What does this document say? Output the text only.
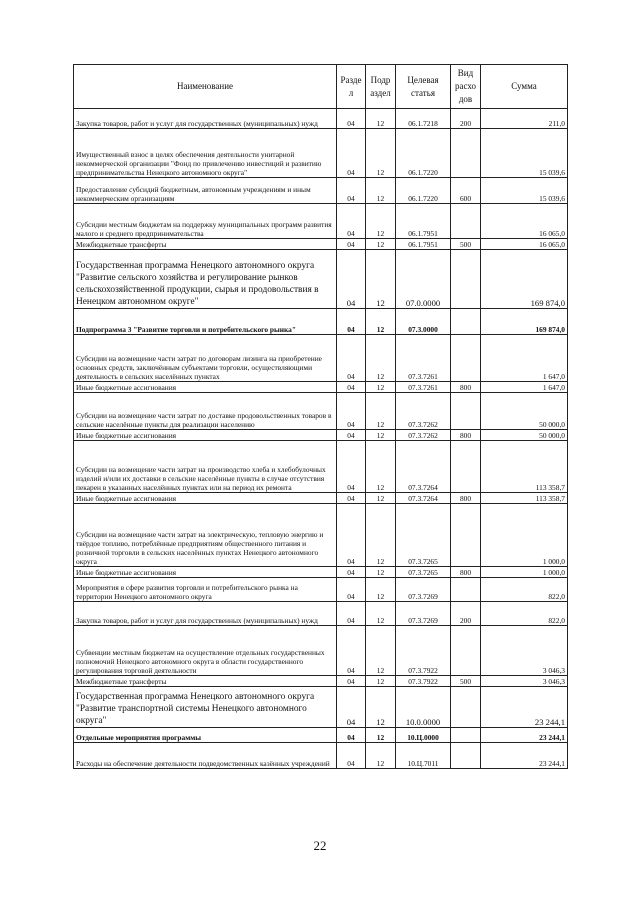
Наименование	Разде л	Подр аздел	Целевая статья	Вид расхо дов	Сумма
Закупка товаров, работ и услуг для государственных (муниципальных) нужд	04	12	06.1.7218	200	211,0
Имущественный взнос в целях обеспечения деятельности унитарной некоммерческой организации "Фонд по привлечению инвестиций и развитию предпринимательства Ненецкого автономного округа"	04	12	06.1.7220		15 039,6
Предоставление субсидий бюджетным, автономным учреждениям и иным некоммерческим организациям	04	12	06.1.7220	600	15 039,6
Субсидии местным бюджетам на поддержку муниципальных программ развития малого и среднего предпринимательства	04	12	06.1.7951		16 065,0
Межбюджетные трансферты	04	12	06.1.7951	500	16 065,0
Государственная программа Ненецкого автономного округа "Развитие сельского хозяйства и регулирование рынков сельскохозяйственной продукции, сырья и продовольствия в Ненецком автономном округе"	04	12	07.0.0000		169 874,0
Подпрограмма 3 "Развитие торговли и потребительского рынка"	04	12	07.3.0000		169 874,0
Субсидии на возмещение части затрат по договорам лизинга на приобретение основных средств, заключённым субъектами торговли, осуществляющими деятельность в сельских населённых пунктах	04	12	07.3.7261		1 647,0
Иные бюджетные ассигнования	04	12	07.3.7261	800	1 647,0
Субсидии на возмещение части затрат по доставке продовольственных товаров в сельские населённые пункты для реализации населению	04	12	07.3.7262		50 000,0
Иные бюджетные ассигнования	04	12	07.3.7262	800	50 000,0
Субсидии на возмещение части затрат на производство хлеба и хлебобулочных изделий и/или их доставки в сельские населённые пункты в случае отсутствия пекарен в указанных населённых пунктах или на период их ремонта	04	12	07.3.7264		113 358,7
Иные бюджетные ассигнования	04	12	07.3.7264	800	113 358,7
Субсидии на возмещение части затрат на электрическую, тепловую энергию и твёрдое топливо, потреблённые предприятиям общественного питания и розничной торговли в сельских населённых пунктах Ненецкого автономного округа	04	12	07.3.7265		1 000,0
Иные бюджетные ассигнования	04	12	07.3.7265	800	1 000,0
Мероприятия в сфере развития торговли и потребительского рынка на территории Ненецкого автономного округа	04	12	07.3.7269		822,0
Закупка товаров, работ и услуг для государственных (муниципальных) нужд	04	12	07.3.7269	200	822,0
Субвенции местным бюджетам на осуществление отдельных государственных полномочий Ненецкого автономного округа в области государственного регулирования торговой деятельности	04	12	07.3.7922		3 046,3
Межбюджетные трансферты	04	12	07.3.7922	500	3 046,3
Государственная программа Ненецкого автономного округа "Развитие транспортной системы Ненецкого автономного округа"	04	12	10.0.0000		23 244,1
Отдельные мероприятия программы	04	12	10.Ц.0000		23 244,1
Расходы на обеспечение деятельности подведомственных казённых учреждений	04	12	10.Ц.7011		23 244,1
22
